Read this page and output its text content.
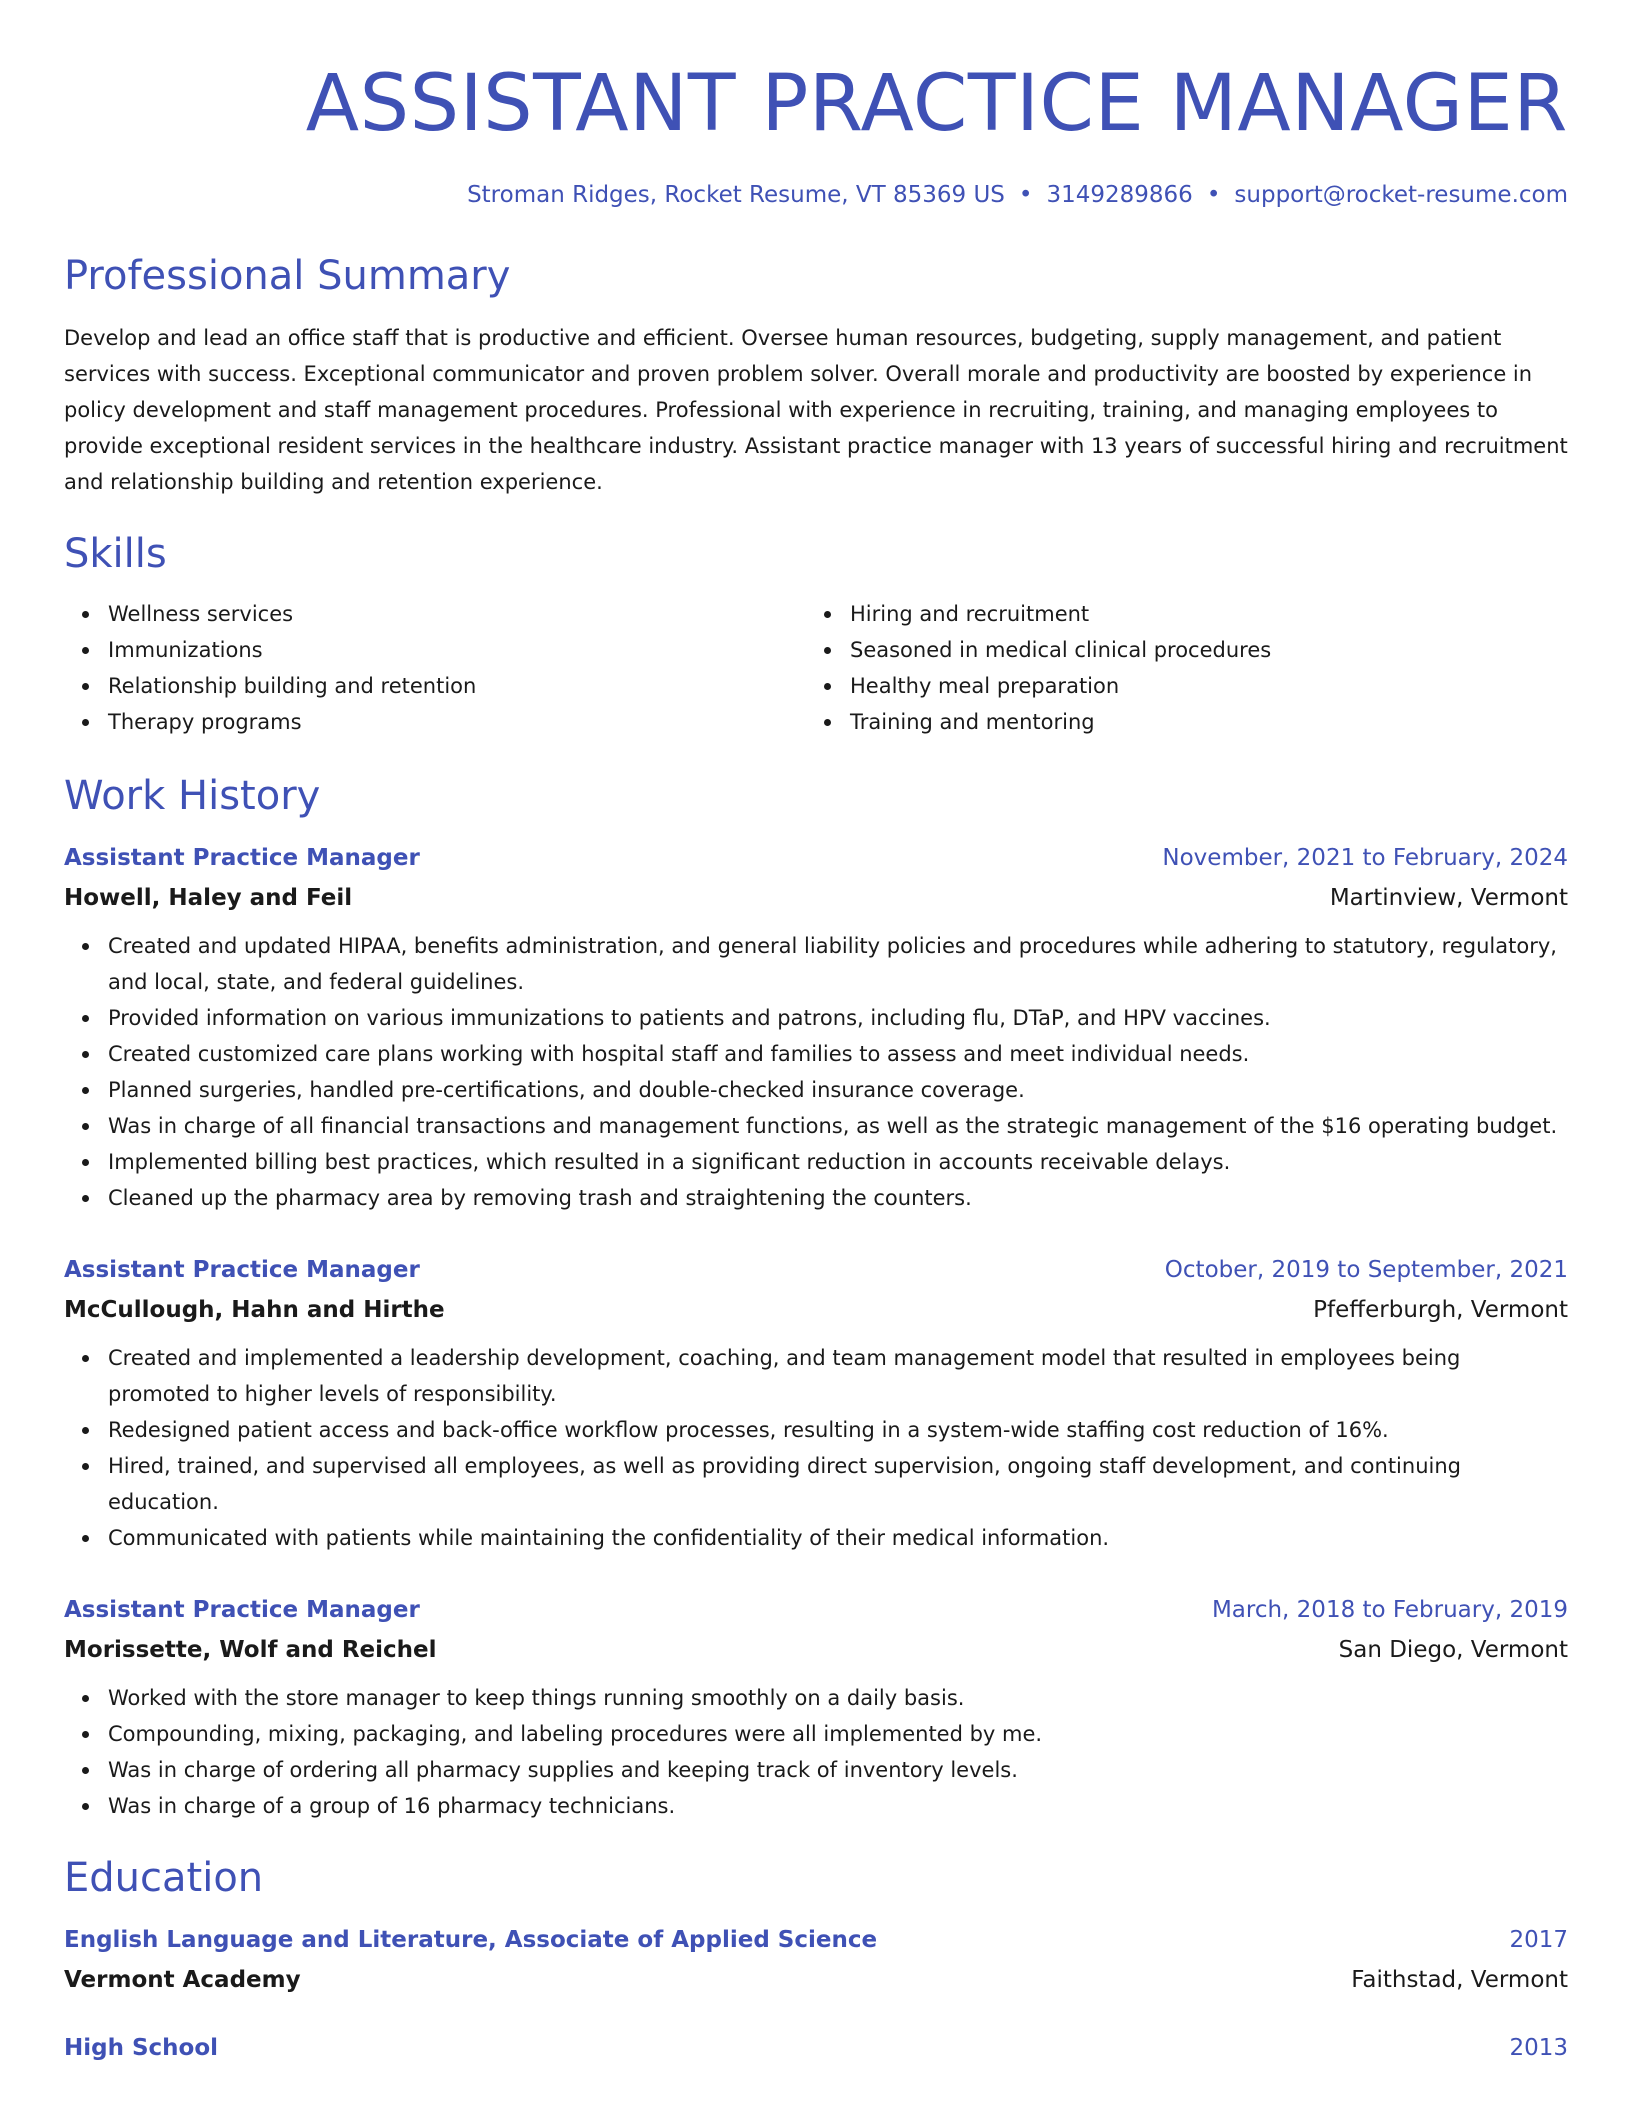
ASSISTANT PRACTICE MANAGER
Stroman Ridges, Rocket Resume, VT 85369 US • 3149289866 • support@rocket-resume.com
Professional Summary
Develop and lead an office staff that is productive and efficient. Oversee human resources, budgeting, supply management, and patient services with success. Exceptional communicator and proven problem solver. Overall morale and productivity are boosted by experience in policy development and staff management procedures. Professional with experience in recruiting, training, and managing employees to provide exceptional resident services in the healthcare industry. Assistant practice manager with 13 years of successful hiring and recruitment and relationship building and retention experience.
Skills
Wellness services
Immunizations
Relationship building and retention
Therapy programs
Hiring and recruitment
Seasoned in medical clinical procedures
Healthy meal preparation
Training and mentoring
Work History
Assistant Practice Manager	November, 2021 to February, 2024
Howell, Haley and Feil	Martinview, Vermont
Created and updated HIPAA, benefits administration, and general liability policies and procedures while adhering to statutory, regulatory, and local, state, and federal guidelines.
Provided information on various immunizations to patients and patrons, including flu, DTaP, and HPV vaccines.
Created customized care plans working with hospital staff and families to assess and meet individual needs.
Planned surgeries, handled pre-certifications, and double-checked insurance coverage.
Was in charge of all financial transactions and management functions, as well as the strategic management of the $16 operating budget.
Implemented billing best practices, which resulted in a significant reduction in accounts receivable delays.
Cleaned up the pharmacy area by removing trash and straightening the counters.
Assistant Practice Manager	October, 2019 to September, 2021
McCullough, Hahn and Hirthe	Pfefferburgh, Vermont
Created and implemented a leadership development, coaching, and team management model that resulted in employees being promoted to higher levels of responsibility.
Redesigned patient access and back-office workflow processes, resulting in a system-wide staffing cost reduction of 16%.
Hired, trained, and supervised all employees, as well as providing direct supervision, ongoing staff development, and continuing education.
Communicated with patients while maintaining the confidentiality of their medical information.
Assistant Practice Manager	March, 2018 to February, 2019
Morissette, Wolf and Reichel	San Diego, Vermont
Worked with the store manager to keep things running smoothly on a daily basis.
Compounding, mixing, packaging, and labeling procedures were all implemented by me.
Was in charge of ordering all pharmacy supplies and keeping track of inventory levels.
Was in charge of a group of 16 pharmacy technicians.
Education
English Language and Literature, Associate of Applied Science	2017
Vermont Academy	Faithstad, Vermont
High School	2013
